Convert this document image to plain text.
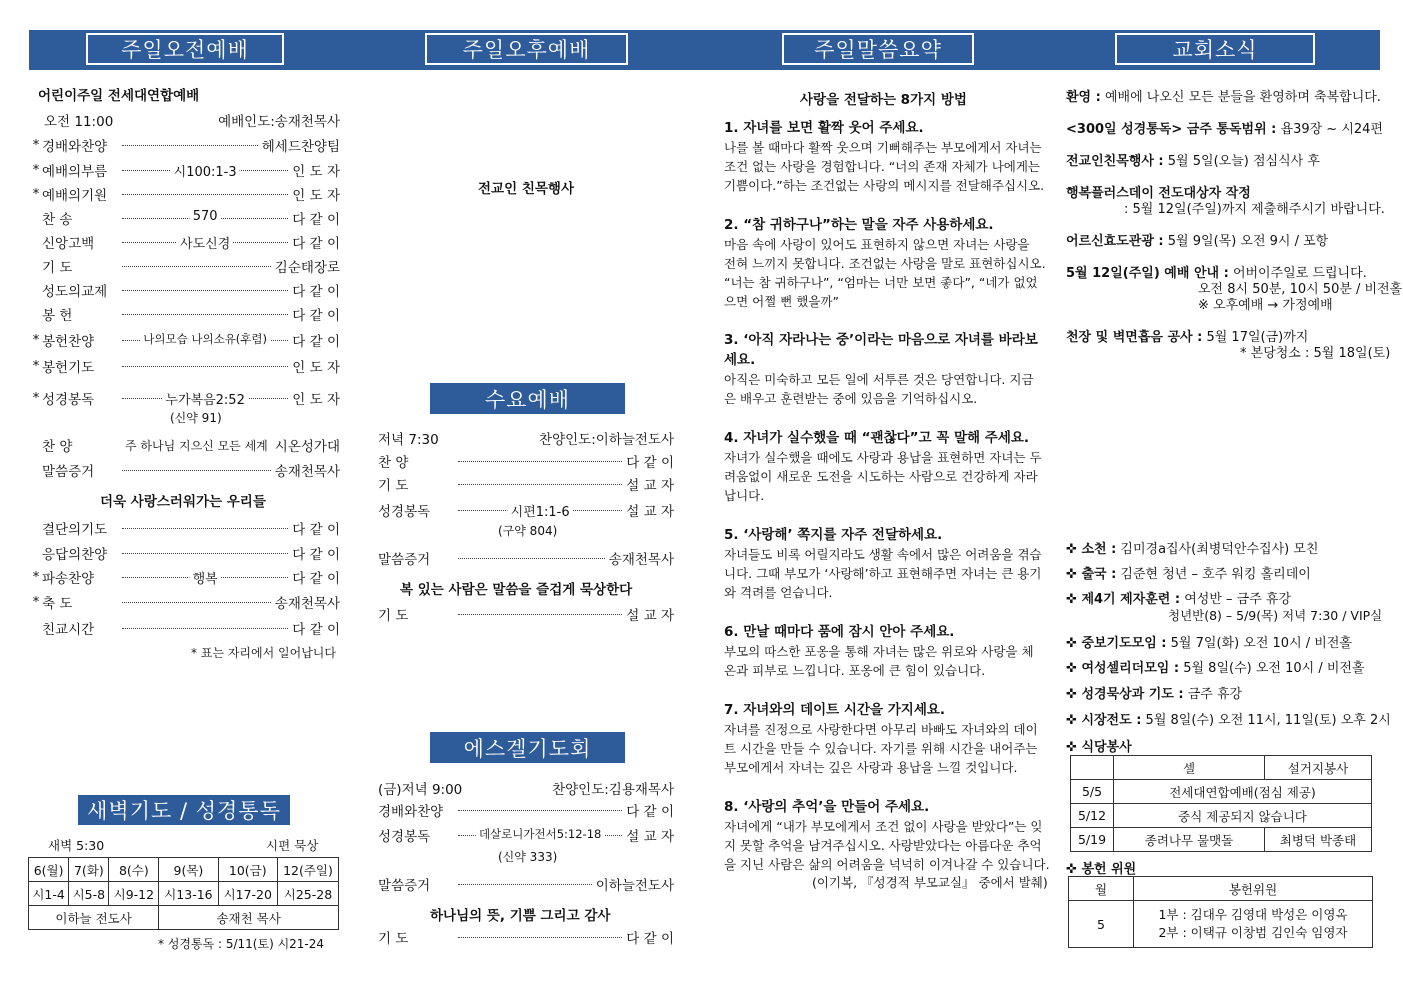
주일오전예배	주일오후예배	주일말씀요약	교회소식
어린이주일 전세대연합예배
오전 11:00	예배인도:송재천목사
* 경배와찬양	헤세드찬양팀
* 예배의부름	시100:1-3	인 도 자
* 예배의기원	인 도 자
찬 송	570	다 같 이
신앙고백	사도신경	다 같 이
기 도	김순태장로
성도의교제	다 같 이
봉 헌	다 같 이
* 봉헌찬양	나의모습 나의소유(후렴) 다 같 이
* 봉헌기도	인 도 자
* 성경봉독	누가복음2:52	인 도 자
(신약 91)
찬 양	주 하나님 지으신 모든 세계 시온성가대
말씀증거	송재천목사
더욱 사랑스러워가는 우리들
결단의기도	다 같 이
응답의찬양	다 같 이
* 파송찬양	행복	다 같 이
* 축 도	송재천목사
친교시간	다 같 이
* 표는 자리에서 일어납니다
새벽기도 / 성경통독
새벽 5:30	시편 묵상
6(월)	7(화)	8(수)	9(목)	10(금)	12(주일)
시1-4	시5-8	시9-12	시13-16	시17-20	시25-28
이하늘 전도사			송재천 목사		
* 성경통독 : 5/11(토) 시21-24
전교인 친목행사
수요예배
저녁 7:30	찬양인도:이하늘전도사
찬 양	다 같 이
기 도	설 교 자
성경봉독	시편1:1-6	설 교 자
(구약 804)
말씀증거	송재천목사
복 있는 사람은 말씀을 즐겁게 묵상한다
기 도	설 교 자
에스겔기도회
(금)저녁 9:00	찬양인도:김용재목사
경배와찬양	다 같 이
성경봉독	데살로니가전서5:12-18 설 교 자
(신약 333)
말씀증거	이하늘전도사
하나님의 뜻, 기쁨 그리고 감사
기 도	다 같 이
사랑을 전달하는 8가지 방법
1. 자녀를 보면 활짝 웃어 주세요.

나를 볼 때마다 활짝 웃으며 기뻐해주는 부모에게서 자녀는
조건 없는 사랑을 경험합니다. “너의 존재 자체가 나에게는
기쁨이다.”하는 조건없는 사랑의 메시지를 전달해주십시오.

2. “참 귀하구나”하는 말을 자주 사용하세요.

마음 속에 사랑이 있어도 표현하지 않으면 자녀는 사랑을
전혀 느끼지 못합니다. 조건없는 사랑을 말로 표현하십시오.
“너는 참 귀하구나”, “엄마는 너만 보면 좋다”, “네가 없었
으면 어쩔 뻔 했을까”

3. ‘아직 자라나는 중’이라는 마음으로 자녀를 바라보세요.

아직은 미숙하고 모든 일에 서투른 것은 당연합니다. 지금
은 배우고 훈련받는 중에 있음을 기억하십시오.

4. 자녀가 실수했을 때 “괜찮다”고 꼭 말해 주세요.

자녀가 실수했을 때에도 사랑과 용납을 표현하면 자녀는 두
려움없이 새로운 도전을 시도하는 사람으로 건강하게 자라
납니다.

5. ‘사랑해’ 쪽지를 자주 전달하세요.

자녀들도 비록 어릴지라도 생활 속에서 많은 어려움을 겪습
니다. 그때 부모가 ‘사랑해’하고 표현해주면 자녀는 큰 용기
와 격려를 얻습니다.

6. 만날 때마다 품에 잠시 안아 주세요.

부모의 따스한 포옹을 통해 자녀는 많은 위로와 사랑을 체
온과 피부로 느낍니다. 포옹에 큰 힘이 있습니다.

7. 자녀와의 데이트 시간을 가지세요.

자녀를 진정으로 사랑한다면 아무리 바빠도 자녀와의 데이
트 시간을 만들 수 있습니다. 자기를 위해 시간을 내어주는
부모에게서 자녀는 깊은 사랑과 용납을 느낄 것입니다.

8. ‘사랑의 추억’을 만들어 주세요.

자녀에게 “내가 부모에게서 조건 없이 사랑을 받았다”는 잊
지 못할 추억을 남겨주십시오. 사랑받았다는 아름다운 추억
을 지닌 사람은 삶의 어려움을 넉넉히 이겨나갈 수 있습니다.

(이기복, 『성경적 부모교실』 중에서 발췌)
환영 : 예배에 나오신 모든 분들을 환영하며 축복합니다.
<300일 성경통독> 금주 통독범위 : 욥39장 ~ 시24편
전교인친목행사 : 5월 5일(오늘) 점심식사 후
행복플러스데이 전도대상자 작정
: 5월 12일(주일)까지 제출해주시기 바랍니다.
어르신효도관광 : 5월 9일(목) 오전 9시 / 포항
5월 12일(주일) 예배 안내 : 어버이주일로 드립니다.
오전 8시 50분, 10시 50분 / 비전홀
※ 오후예배 → 가정예배
천장 및 벽면흡음 공사 : 5월 17일(금)까지
* 본당청소 : 5월 18일(토)
✜ 소천 : 김미경a집사(최병덕안수집사) 모친
✜ 출국 : 김준현 청년 – 호주 워킹 홀리데이
✜ 제4기 제자훈련 : 여성반 – 금주 휴강
✜ 중보기도모임 : 5월 7일(화) 오전 10시 / 비전홀
✜ 여성셀리더모임 : 5월 8일(수) 오전 10시 / 비전홀
✜ 성경묵상과 기도 : 금주 휴강
✜ 시장전도 : 5월 8일(수) 오전 11시, 11일(토) 오후 2시
✜ 식당봉사
청년반(8) – 5/9(목) 저녁 7:30 / VIP실
	셀	설거지봉사
5/5	전세대연합예배(점심 제공)	
5/12	중식 제공되지 않습니다	
5/19	종려나무 물맷돌	최병덕 박종태
✜ 봉헌 위원
월	봉헌위원
5	1부 : 김대우 김영대 박성은 이영옥
2부 : 이택규 이창범 김인숙 임영자
